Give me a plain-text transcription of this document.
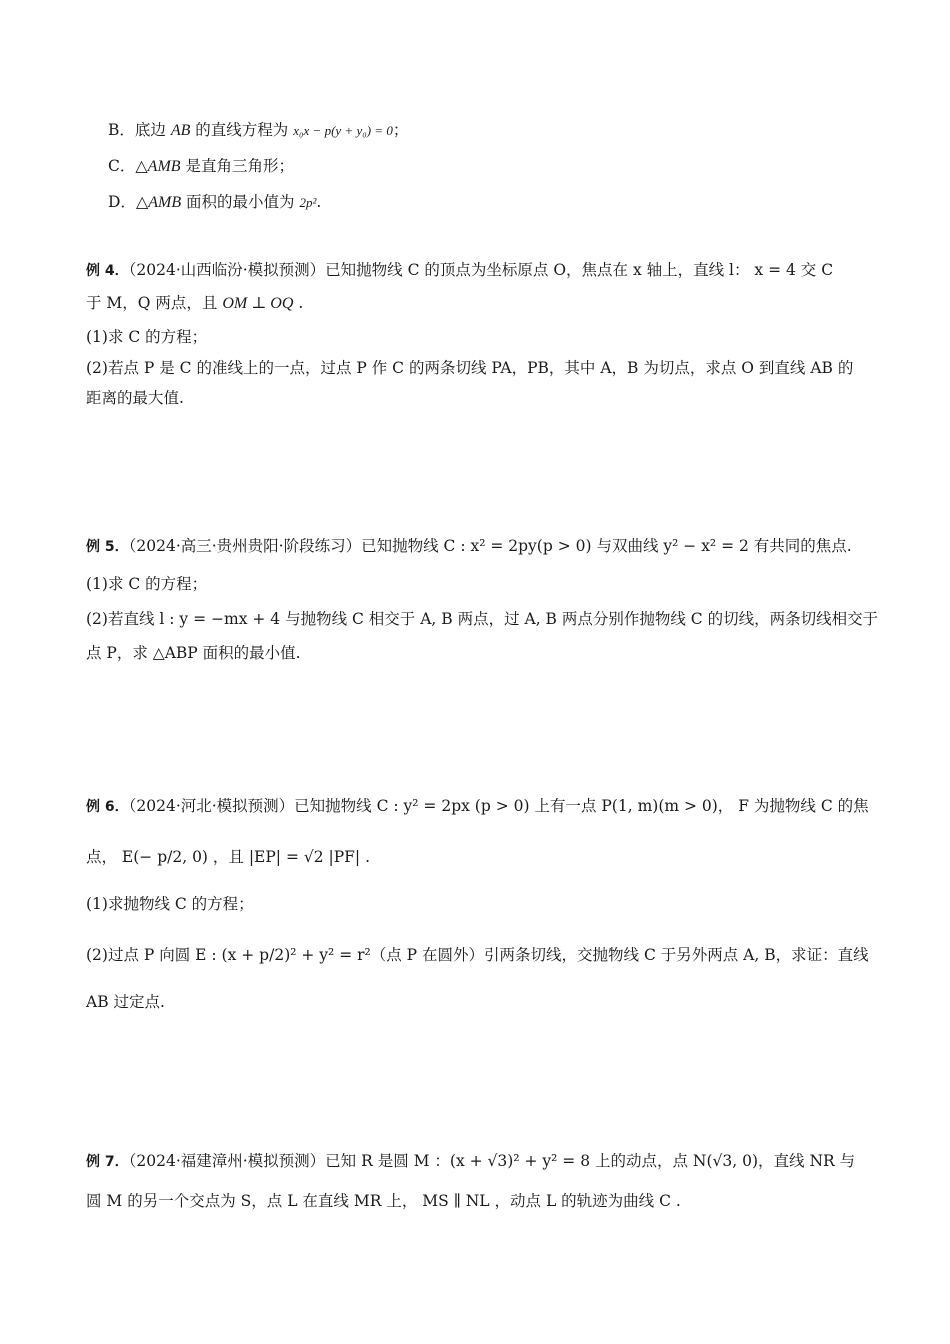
B．底边 AB 的直线方程为 x₀x − p(y + y₀) = 0；
C．△AMB 是直角三角形；
D．△AMB 面积的最小值为 2p².
例 4．（2024·山西临汾·模拟预测）已知抛物线 C 的顶点为坐标原点 O，焦点在 x 轴上，直线 l： x = 4 交 C
于 M，Q 两点，且 OM ⊥ OQ .
(1)求 C 的方程；
(2)若点 P 是 C 的准线上的一点，过点 P 作 C 的两条切线 PA，PB，其中 A，B 为切点，求点 O 到直线 AB 的
距离的最大值.
例 5．（2024·高三·贵州贵阳·阶段练习）已知抛物线 C : x² = 2py(p > 0) 与双曲线 y² − x² = 2 有共同的焦点.
(1)求 C 的方程；
(2)若直线 l : y = −mx + 4 与抛物线 C 相交于 A, B 两点，过 A, B 两点分别作抛物线 C 的切线，两条切线相交于
点 P，求 △ABP 面积的最小值.
例 6．（2024·河北·模拟预测）已知抛物线 C : y² = 2px (p > 0) 上有一点 P(1, m)(m > 0)， F 为抛物线 C 的焦
点， E(− p/2, 0) ，且 |EP| = √2 |PF| .
(1)求抛物线 C 的方程；
(2)过点 P 向圆 E : (x + p/2)² + y² = r²（点 P 在圆外）引两条切线，交抛物线 C 于另外两点 A, B，求证：直线
AB 过定点.
例 7．（2024·福建漳州·模拟预测）已知 R 是圆 M ：(x + √3)² + y² = 8 上的动点，点 N(√3, 0)，直线 NR 与
圆 M 的另一个交点为 S，点 L 在直线 MR 上， MS ∥ NL ，动点 L 的轨迹为曲线 C .
